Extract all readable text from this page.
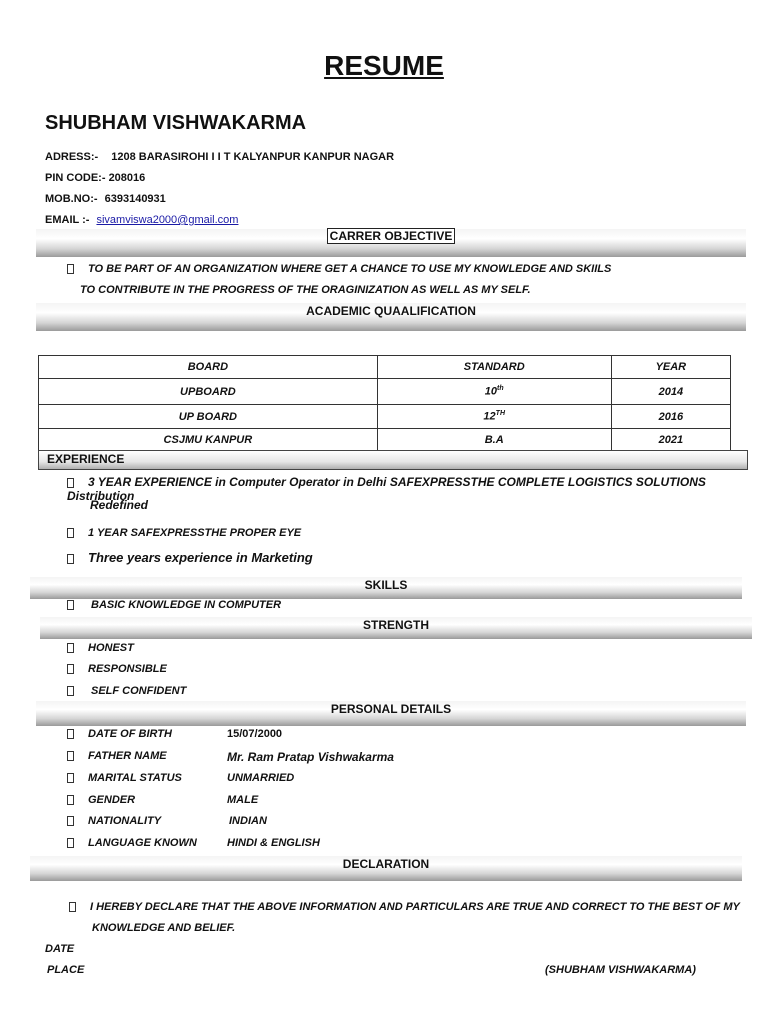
RESUME
SHUBHAM VISHWAKARMA
ADRESS:- 1208 BARASIROHI I I T KALYANPUR KANPUR NAGAR
PIN CODE:- 208016
MOB.NO:- 6393140931
EMAIL :- sivamviswa2000@gmail.com
CARRER OBJECTIVE
TO BE PART OF AN ORGANIZATION WHERE GET A CHANCE TO USE MY KNOWLEDGE AND SKIILS
TO CONTRIBUTE IN THE PROGRESS OF THE ORAGINIZATION AS WELL AS MY SELF.
ACADEMIC QUAALIFICATION
BOARD	STANDARD	YEAR
UPBOARD	10th	2014
UP BOARD	12TH	2016
CSJMU KANPUR	B.A	2021
EXPERIENCE
3 YEAR EXPERIENCE in Computer Operator in Delhi SAFEXPRESSTHE COMPLETE LOGISTICS SOLUTIONS Distribution
Redefined
1 YEAR SAFEXPRESSTHE PROPER EYE
Three years experience in Marketing
SKILLS
BASIC KNOWLEDGE IN COMPUTER
STRENGTH
HONEST
RESPONSIBLE
SELF CONFIDENT
PERSONAL DETAILS
DATE OF BIRTH	15/07/2000
FATHER NAME	Mr. Ram Pratap Vishwakarma
MARITAL STATUS	UNMARRIED
GENDER	MALE
NATIONALITY	INDIAN
LANGUAGE KNOWN	HINDI & ENGLISH
DECLARATION
I HEREBY DECLARE THAT THE ABOVE INFORMATION AND PARTICULARS ARE TRUE AND CORRECT TO THE BEST OF MY
KNOWLEDGE AND BELIEF.
DATE
PLACE	(SHUBHAM VISHWAKARMA)
